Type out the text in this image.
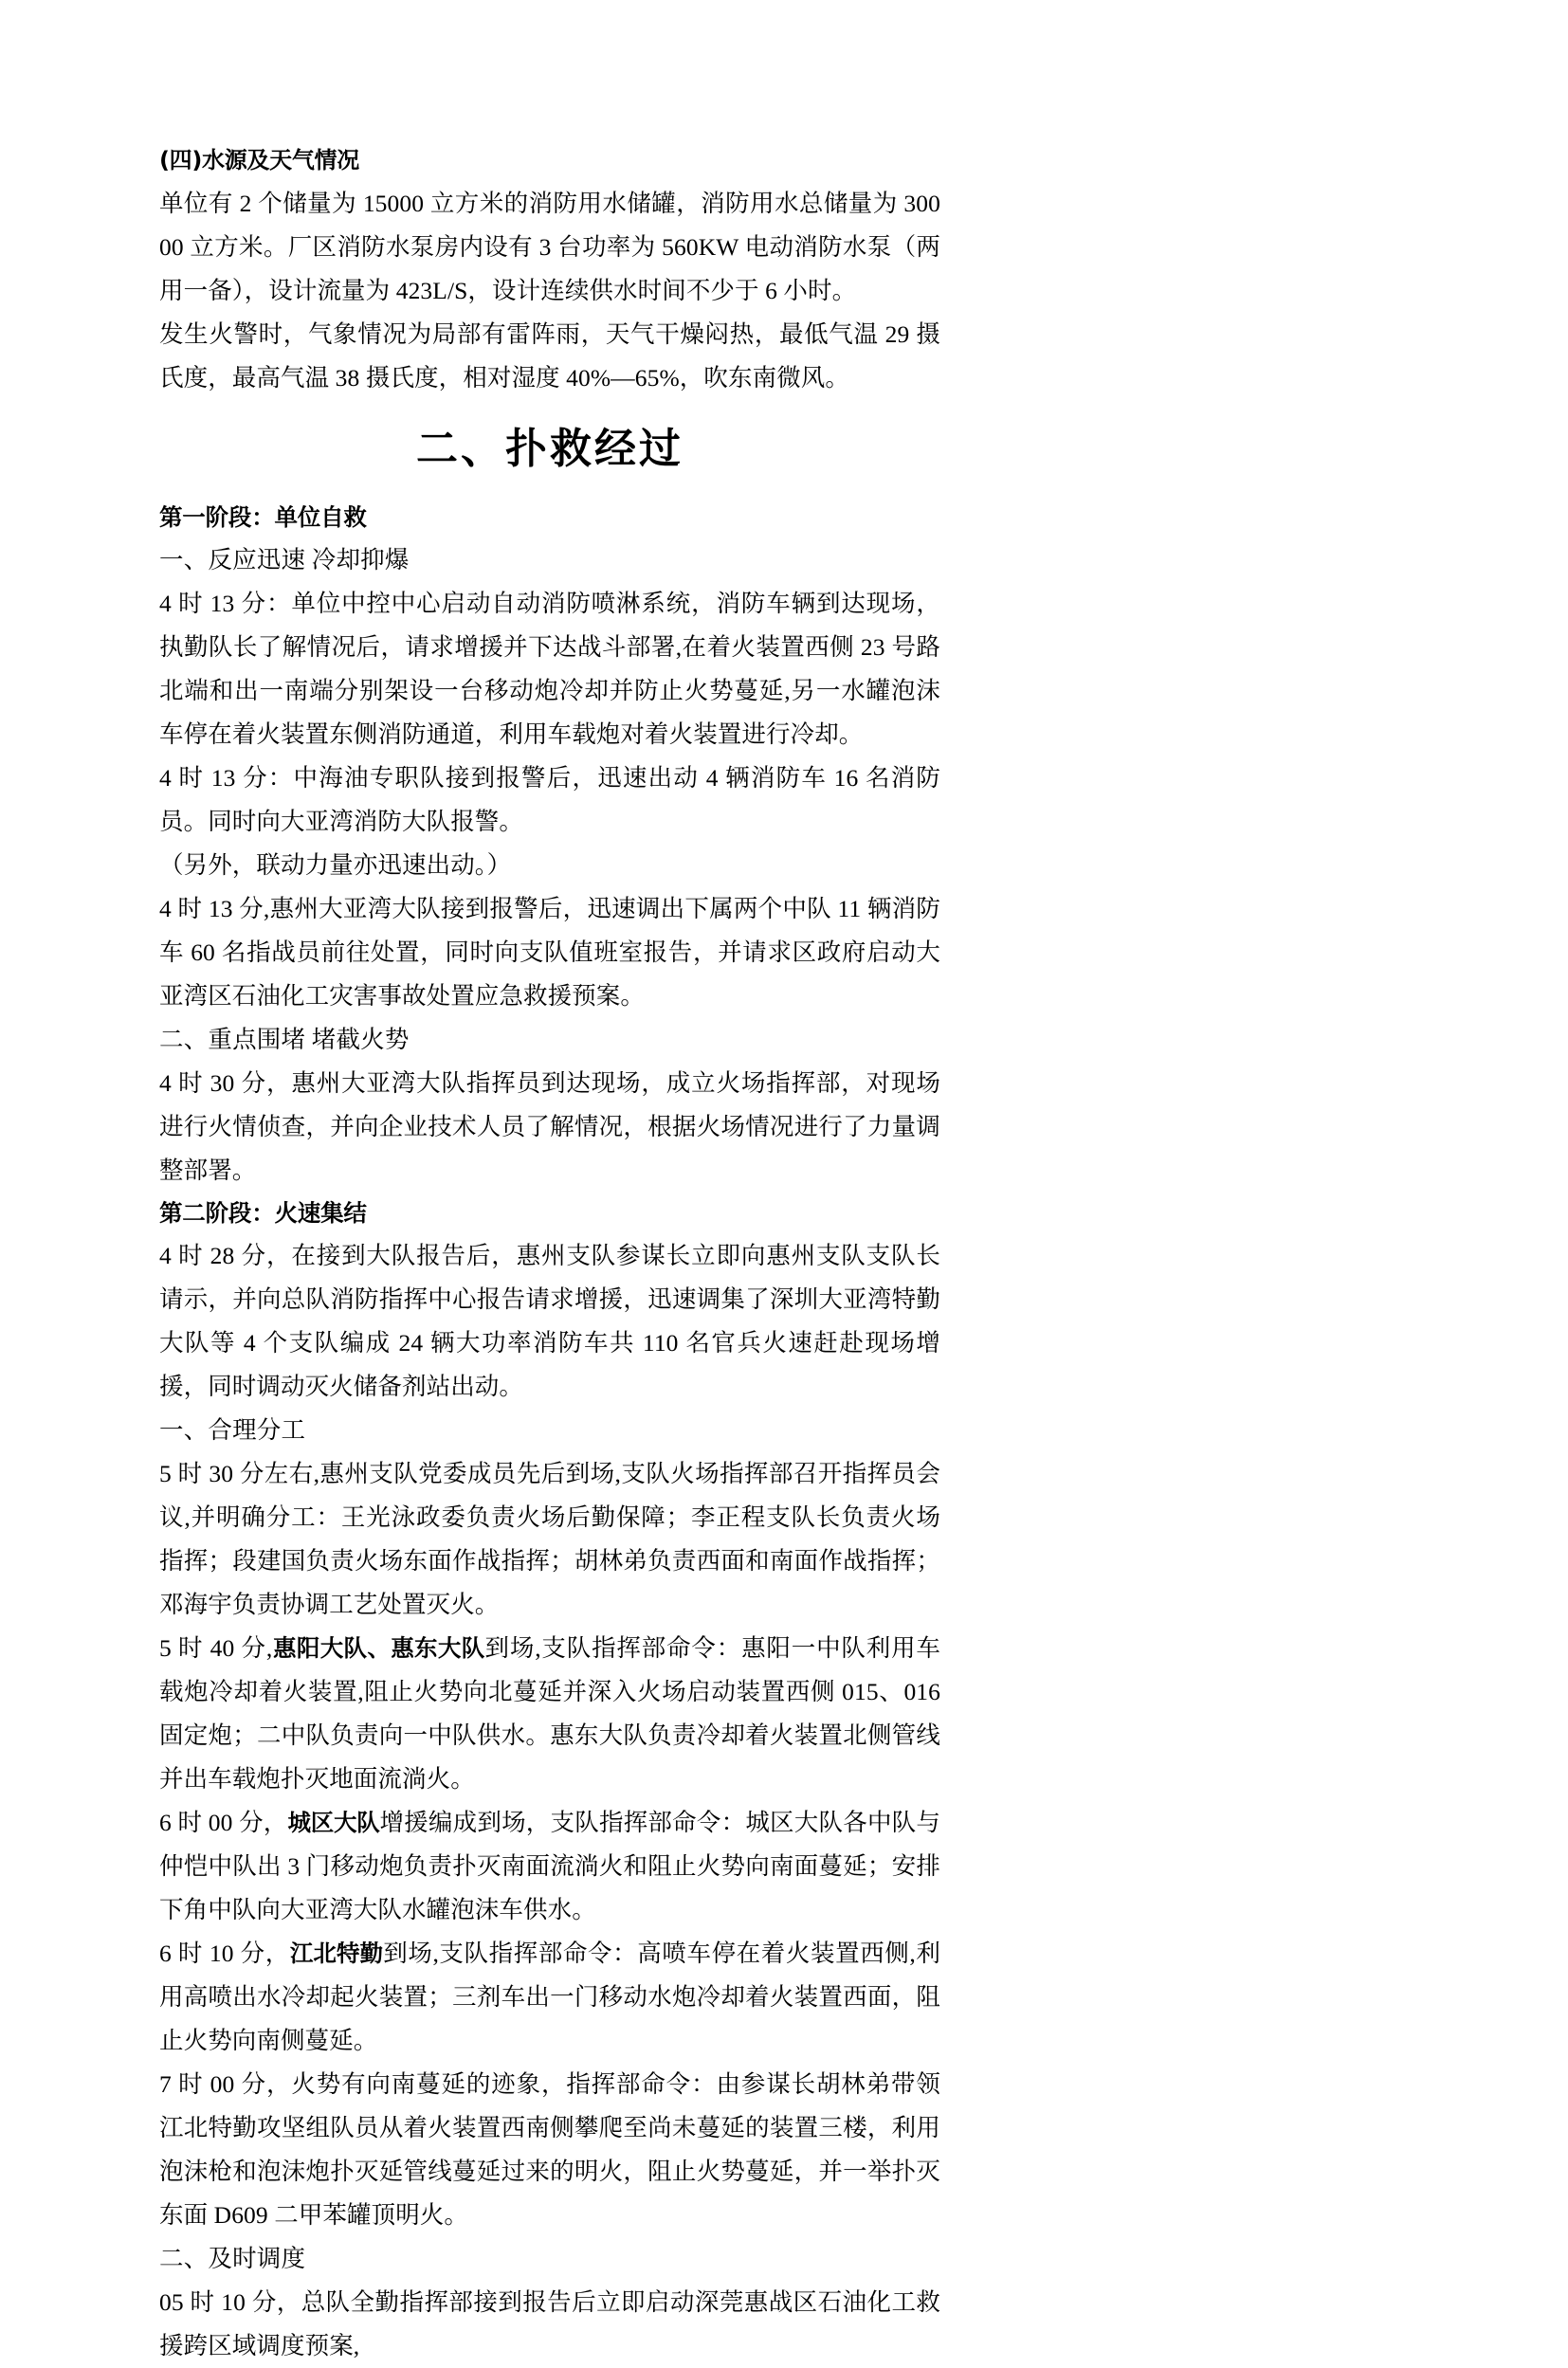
(四)水源及天气情况

单位有 2 个储量为 15000 立方米的消防用水储罐，消防用水总储量为 30000 立方米。厂区消防水泵房内设有 3 台功率为 560KW 电动消防水泵（两用一备），设计流量为 423L/S，设计连续供水时间不少于 6 小时。

发生火警时，气象情况为局部有雷阵雨，天气干燥闷热，最低气温 29 摄氏度，最高气温 38 摄氏度，相对湿度 40%—65%，吹东南微风。

二、扑救经过
第一阶段：单位自救

一、反应迅速 冷却抑爆

4 时 13 分：单位中控中心启动自动消防喷淋系统，消防车辆到达现场，执勤队长了解情况后，请求增援并下达战斗部署,在着火装置西侧 23 号路北端和出一南端分别架设一台移动炮冷却并防止火势蔓延,另一水罐泡沫车停在着火装置东侧消防通道，利用车载炮对着火装置进行冷却。

4 时 13 分：中海油专职队接到报警后，迅速出动 4 辆消防车 16 名消防员。同时向大亚湾消防大队报警。

（另外，联动力量亦迅速出动。）

4 时 13 分,惠州大亚湾大队接到报警后，迅速调出下属两个中队 11 辆消防车 60 名指战员前往处置，同时向支队值班室报告，并请求区政府启动大亚湾区石油化工灾害事故处置应急救援预案。

二、重点围堵 堵截火势

4 时 30 分，惠州大亚湾大队指挥员到达现场，成立火场指挥部，对现场进行火情侦查，并向企业技术人员了解情况，根据火场情况进行了力量调整部署。

第二阶段：火速集结

4 时 28 分，在接到大队报告后，惠州支队参谋长立即向惠州支队支队长请示，并向总队消防指挥中心报告请求增援，迅速调集了深圳大亚湾特勤大队等 4 个支队编成 24 辆大功率消防车共 110 名官兵火速赶赴现场增援，同时调动灭火储备剂站出动。

一、合理分工

5 时 30 分左右,惠州支队党委成员先后到场,支队火场指挥部召开指挥员会议,并明确分工：王光泳政委负责火场后勤保障；李正程支队长负责火场指挥；段建国负责火场东面作战指挥；胡林弟负责西面和南面作战指挥； 邓海宇负责协调工艺处置灭火。

5 时 40 分,惠阳大队、惠东大队到场,支队指挥部命令：惠阳一中队利用车载炮冷却着火装置,阻止火势向北蔓延并深入火场启动装置西侧 015、016 固定炮；二中队负责向一中队供水。惠东大队负责冷却着火装置北侧管线并出车载炮扑灭地面流淌火。

6 时 00 分，城区大队增援编成到场，支队指挥部命令：城区大队各中队与仲恺中队出 3 门移动炮负责扑灭南面流淌火和阻止火势向南面蔓延；安排下角中队向大亚湾大队水罐泡沫车供水。

6 时 10 分，江北特勤到场,支队指挥部命令：高喷车停在着火装置西侧,利用高喷出水冷却起火装置；三剂车出一门移动水炮冷却着火装置西面，阻止火势向南侧蔓延。

7 时 00 分，火势有向南蔓延的迹象，指挥部命令：由参谋长胡林弟带领江北特勤攻坚组队员从着火装置西南侧攀爬至尚未蔓延的装置三楼，利用泡沫枪和泡沫炮扑灭延管线蔓延过来的明火，阻止火势蔓延，并一举扑灭东面 D609 二甲苯罐顶明火。

二、及时调度

05 时 10 分，总队全勤指挥部接到报告后立即启动深莞惠战区石油化工救援跨区域调度预案,
